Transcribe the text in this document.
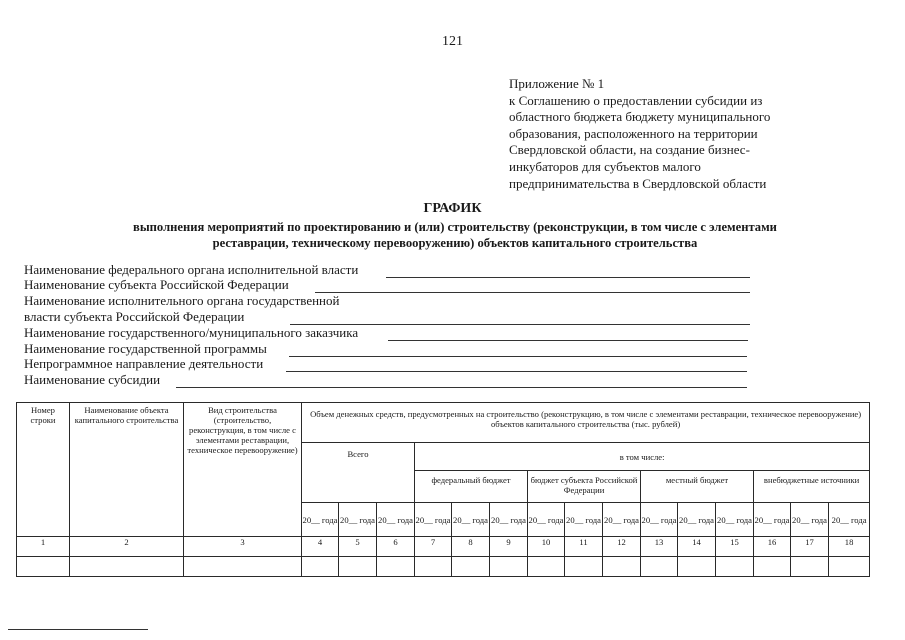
121
Приложение № 1
к Соглашению о предоставлении субсидии из
областного бюджета бюджету муниципального
образования, расположенного на территории
Свердловской области, на создание бизнес-
инкубаторов для субъектов малого
предпринимательства в Свердловской области
ГРАФИК
выполнения мероприятий по проектированию и (или) строительству (реконструкции, в том числе с элементами
реставрации, техническому перевооружению) объектов капитального строительства
Наименование федерального органа исполнительной власти
Наименование субъекта Российской Федерации
Наименование исполнительного органа государственной
власти субъекта Российской Федерации
Наименование государственного/муниципального заказчика
Наименование государственной программы
Непрограммное направление деятельности
Наименование субсидии
Номер строки	Наименование объекта капитального строительства	Вид строительства (строительство, реконструкция, в том числе с элементами реставрации, техническое перевооружение)	Объем денежных средств, предусмотренных на строительство (реконструкцию, в том числе с элементами реставрации, техническое перевооружение) объектов капитального строительства (тыс. рублей)														
			Всего			в том числе:											
						федеральный бюджет			бюджет субъекта Российской Федерации			местный бюджет			внебюджетные источники		
			20__ года	20__ года	20__ года	20__ года	20__ года	20__ года	20__ года	20__ года	20__ года	20__ года	20__ года	20__ года	20__ года	20__ года	20__ года
1	2	3	4	5	6	7	8	9	10	11	12	13	14	15	16	17	18
